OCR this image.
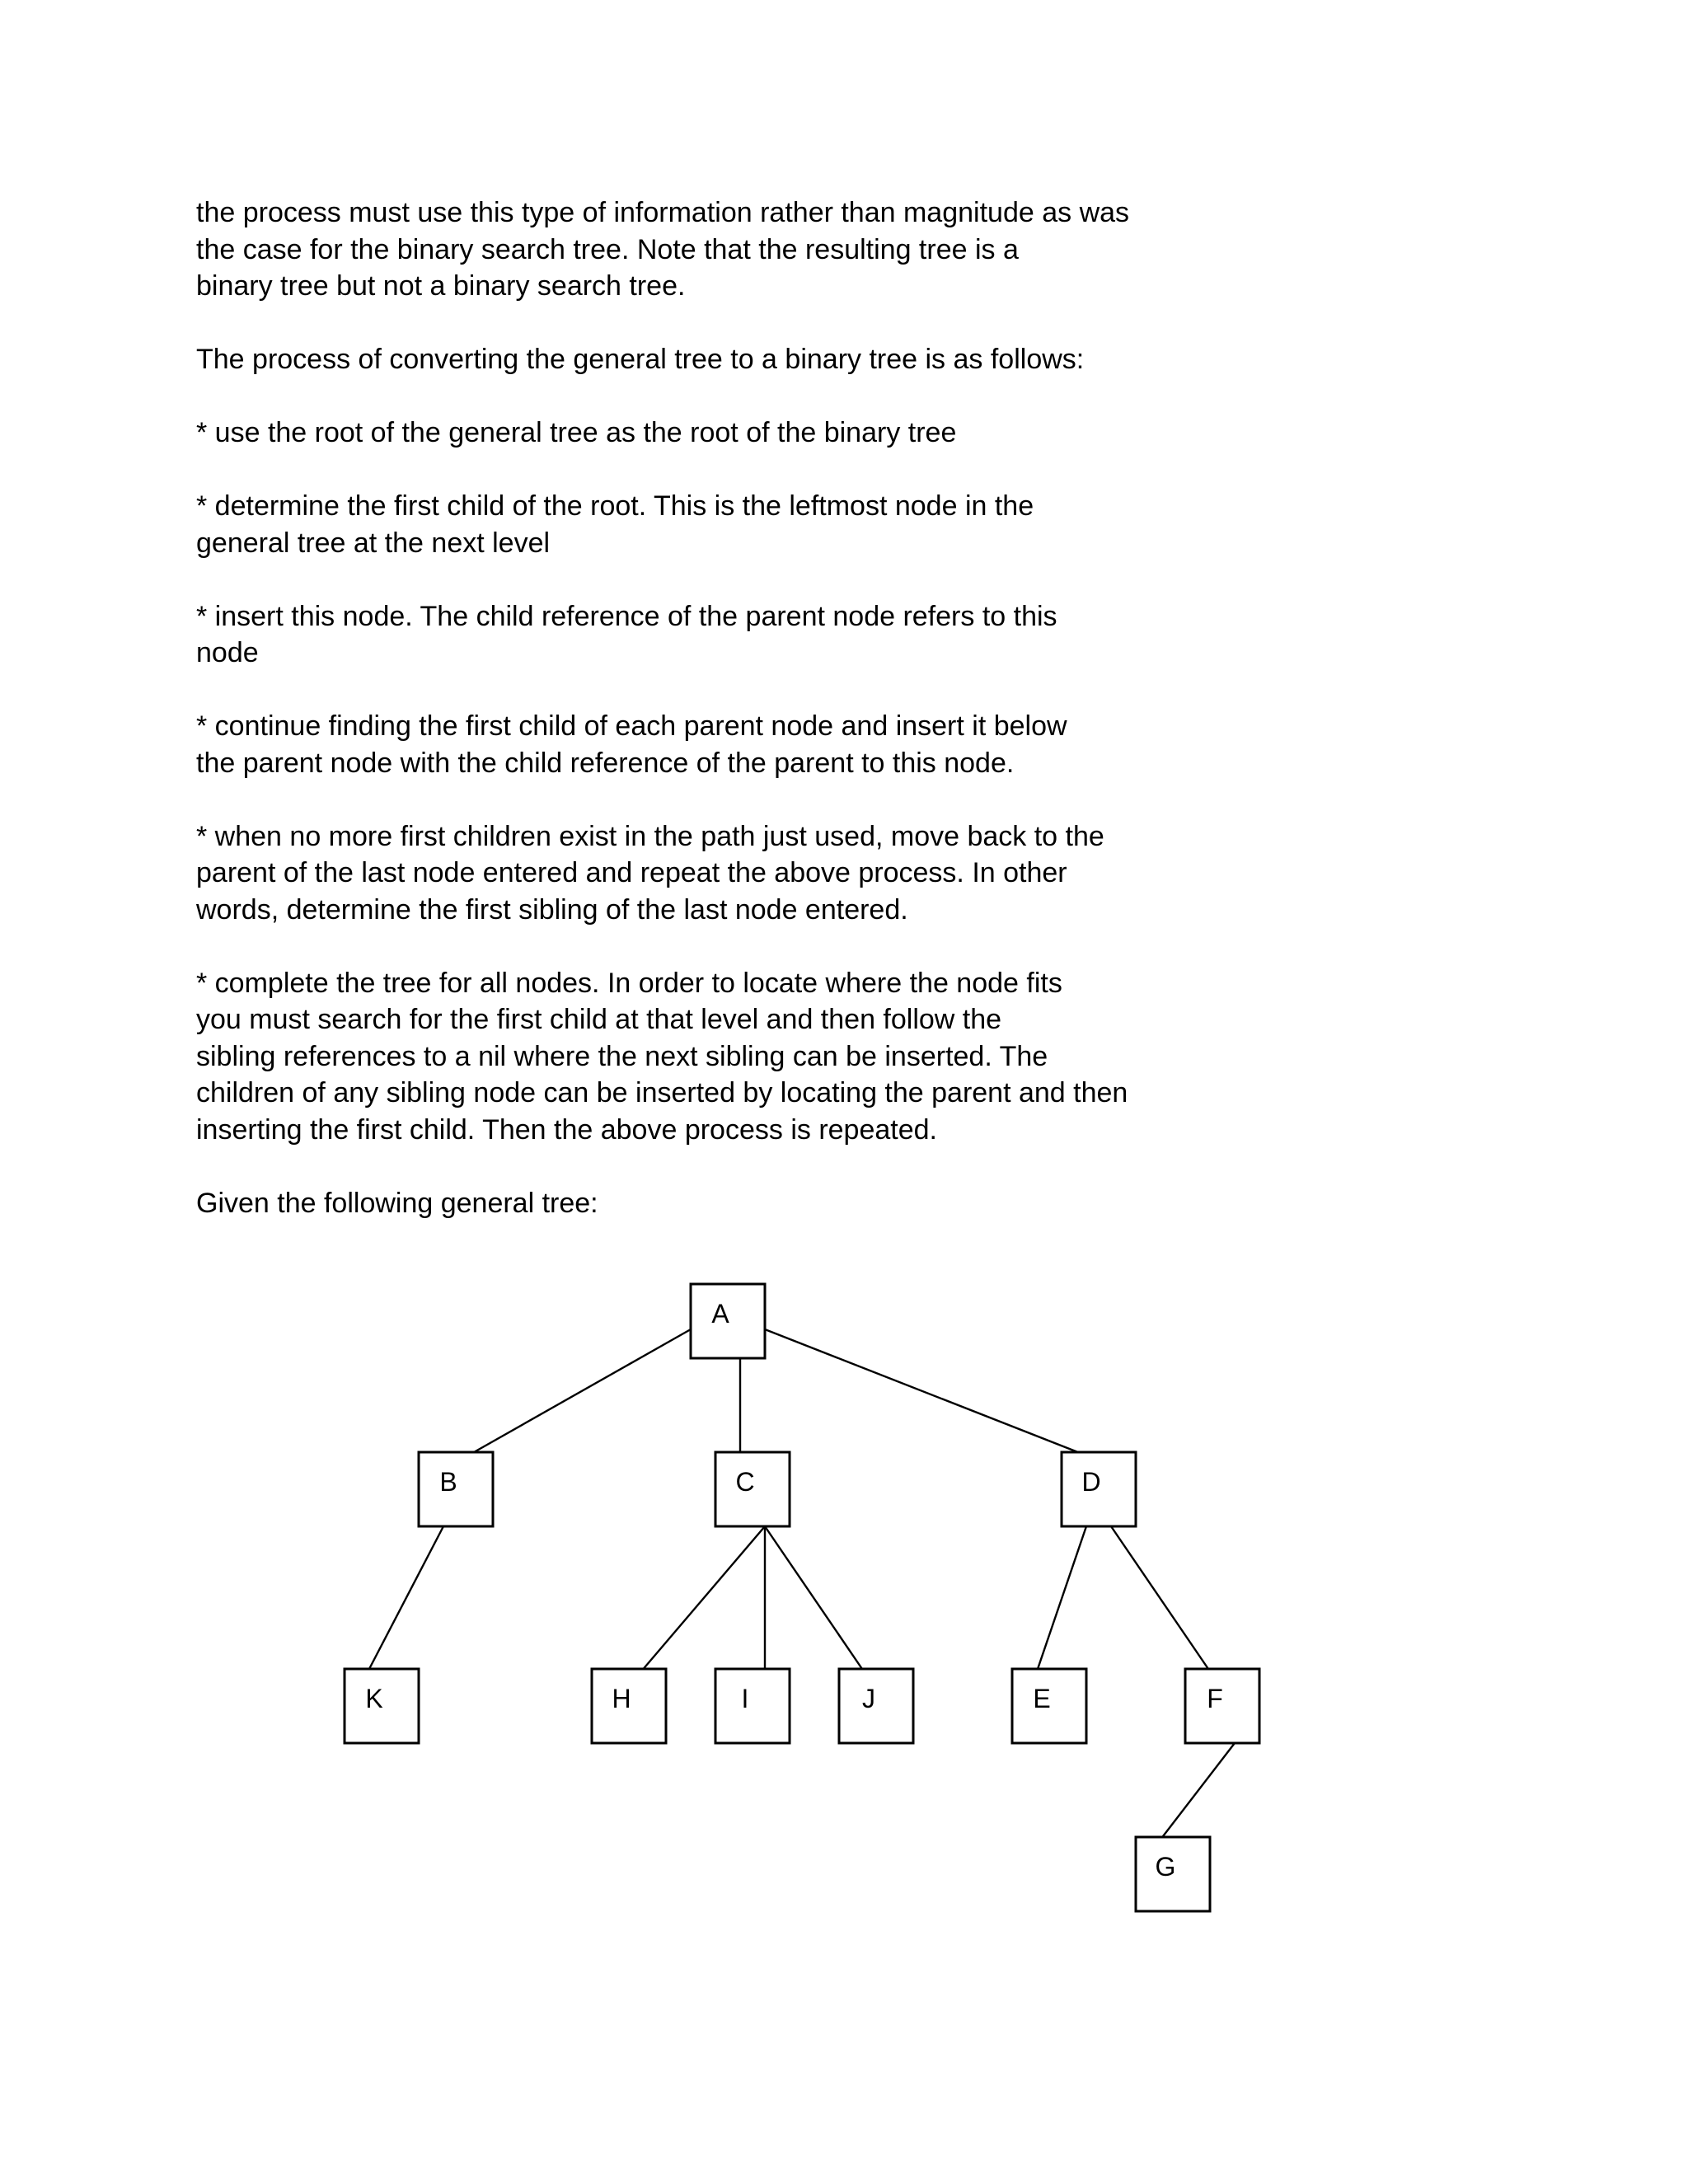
the process must use this type of information rather than magnitude as was
the case for the binary search tree. Note that the resulting tree is a
binary tree but not a binary search tree.

The process of converting the general tree to a binary tree is as follows:

* use the root of the general tree as the root of the binary tree

* determine the first child of the root. This is the leftmost node in the
general tree at the next level

* insert this node. The child reference of the parent node refers to this
node

* continue finding the first child of each parent node and insert it below
the parent node with the child reference of the parent to this node.

* when no more first children exist in the path just used, move back to the
parent of the last node entered and repeat the above process. In other
words, determine the first sibling of the last node entered.

* complete the tree for all nodes. In order to locate where the node fits
you must search for the first child at that level and then follow the
sibling references to a nil where the next sibling can be inserted. The
children of any sibling node can be inserted by locating the parent and then
inserting the first child. Then the above process is repeated.

Given the following general tree:

A
B	C	D
K	H	I	J	E	F
G
